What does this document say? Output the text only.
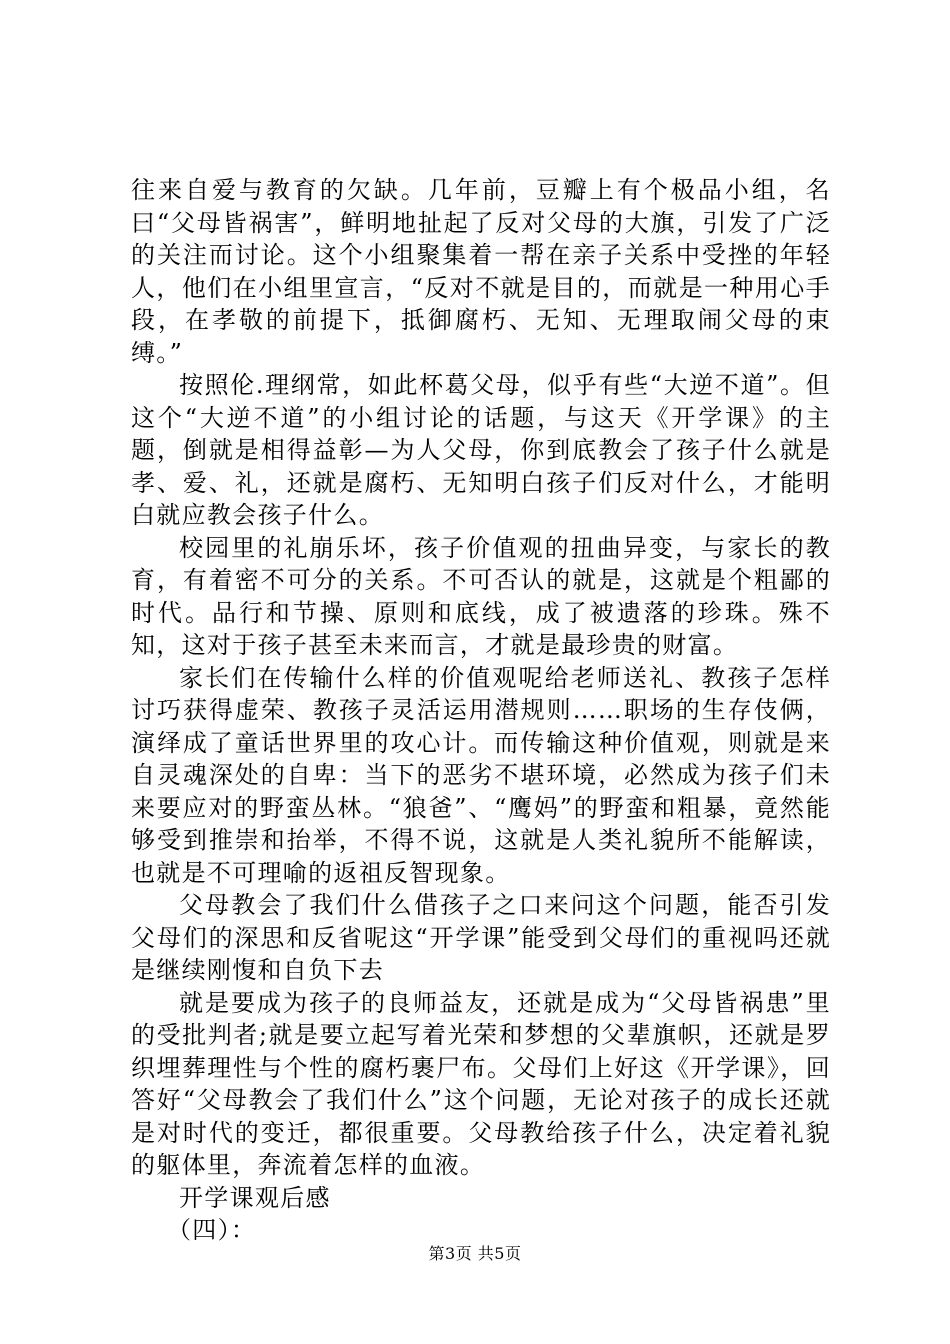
往来自爱与教育的欠缺。几年前，豆瓣上有个极品小组，名曰“父母皆祸害”，鲜明地扯起了反对父母的大旗，引发了广泛的关注而讨论。这个小组聚集着一帮在亲子关系中受挫的年轻人，他们在小组里宣言，“反对不就是目的，而就是一种用心手段，在孝敬的前提下，抵御腐朽、无知、无理取闹父母的束缚。”

按照伦.理纲常，如此杯葛父母，似乎有些“大逆不道”。但这个“大逆不道”的小组讨论的话题，与这天《开学课》的主题，倒就是相得益彰—为人父母，你到底教会了孩子什么就是孝、爱、礼，还就是腐朽、无知明白孩子们反对什么，才能明白就应教会孩子什么。

校园里的礼崩乐坏，孩子价值观的扭曲异变，与家长的教育，有着密不可分的关系。不可否认的就是，这就是个粗鄙的时代。品行和节操、原则和底线，成了被遗落的珍珠。殊不知，这对于孩子甚至未来而言，才就是最珍贵的财富。

家长们在传输什么样的价值观呢给老师送礼、教孩子怎样讨巧获得虚荣、教孩子灵活运用潜规则……职场的生存伎俩，演绎成了童话世界里的攻心计。而传输这种价值观，则就是来自灵魂深处的自卑：当下的恶劣不堪环境，必然成为孩子们未来要应对的野蛮丛林。“狼爸”、“鹰妈”的野蛮和粗暴，竟然能够受到推崇和抬举，不得不说，这就是人类礼貌所不能解读，也就是不可理喻的返祖反智现象。

父母教会了我们什么借孩子之口来问这个问题，能否引发父母们的深思和反省呢这“开学课”能受到父母们的重视吗还就是继续刚愎和自负下去

就是要成为孩子的良师益友，还就是成为“父母皆祸患”里的受批判者;就是要立起写着光荣和梦想的父辈旗帜，还就是罗织埋葬理性与个性的腐朽裹尸布。父母们上好这《开学课》，回答好“父母教会了我们什么”这个问题，无论对孩子的成长还就是对时代的变迁，都很重要。父母教给孩子什么，决定着礼貌的躯体里，奔流着怎样的血液。

开学课观后感

（四）：

第3页 共5页
